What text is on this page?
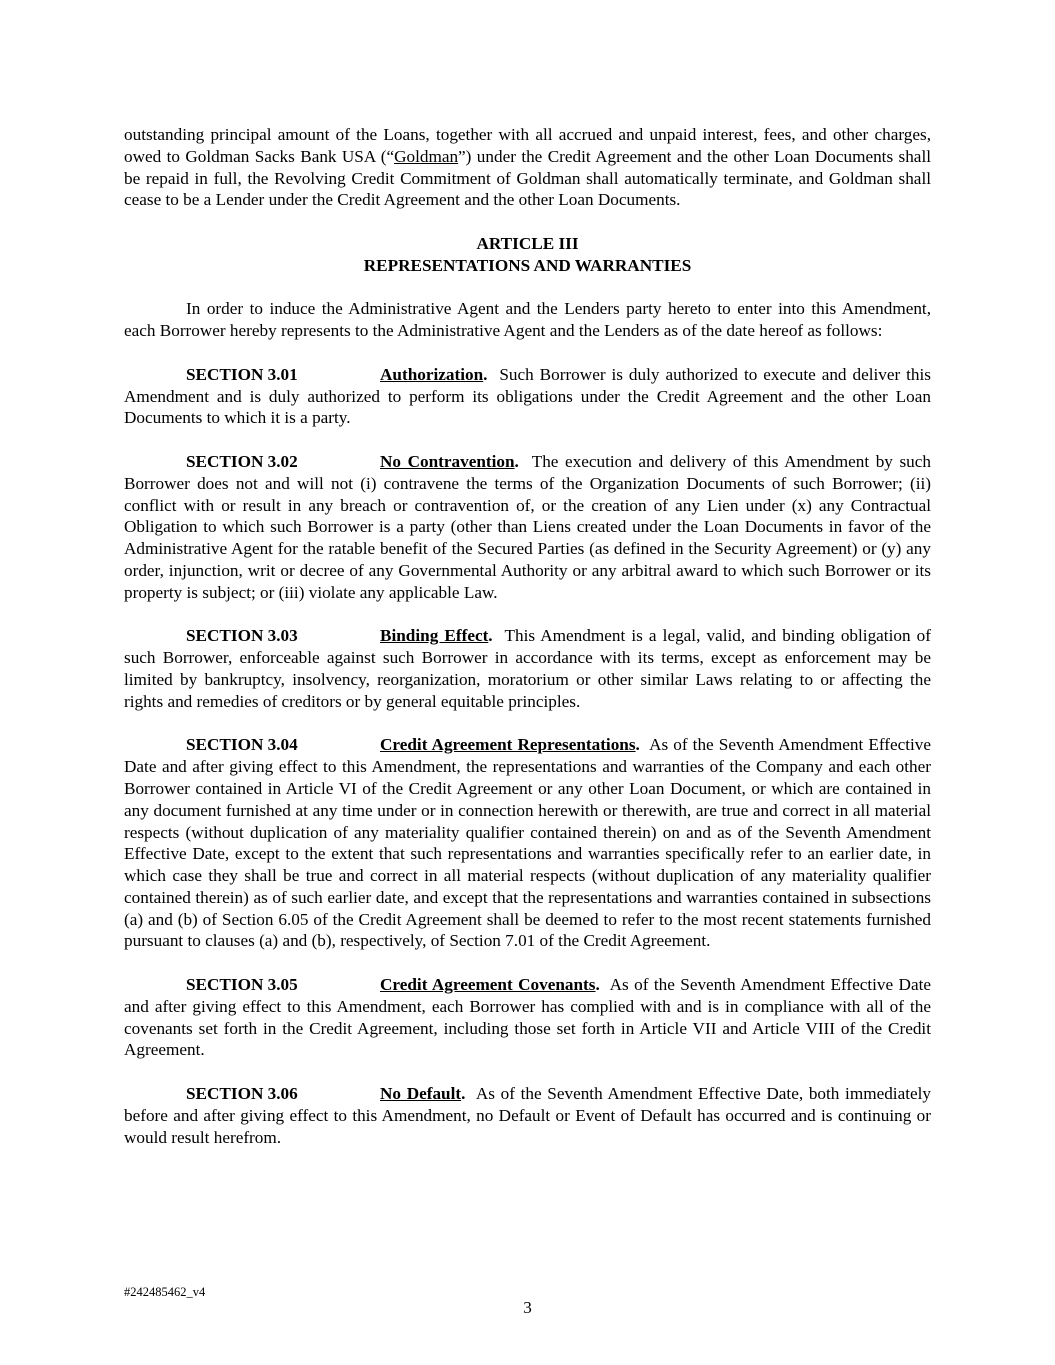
outstanding principal amount of the Loans, together with all accrued and unpaid interest, fees, and other charges, owed to Goldman Sacks Bank USA (“Goldman”) under the Credit Agreement and the other Loan Documents shall be repaid in full, the Revolving Credit Commitment of Goldman shall automatically terminate, and Goldman shall cease to be a Lender under the Credit Agreement and the other Loan Documents.

ARTICLE III

REPRESENTATIONS AND WARRANTIES

In order to induce the Administrative Agent and the Lenders party hereto to enter into this Amendment, each Borrower hereby represents to the Administrative Agent and the Lenders as of the date hereof as follows:

SECTION 3.01	Authorization. Such Borrower is duly authorized to execute and deliver this Amendment and is duly authorized to perform its obligations under the Credit Agreement and the other Loan Documents to which it is a party.

SECTION 3.02	No Contravention. The execution and delivery of this Amendment by such Borrower does not and will not (i) contravene the terms of the Organization Documents of such Borrower; (ii) conflict with or result in any breach or contravention of, or the creation of any Lien under (x) any Contractual Obligation to which such Borrower is a party (other than Liens created under the Loan Documents in favor of the Administrative Agent for the ratable benefit of the Secured Parties (as defined in the Security Agreement) or (y) any order, injunction, writ or decree of any Governmental Authority or any arbitral award to which such Borrower or its property is subject; or (iii) violate any applicable Law.

SECTION 3.03	Binding Effect. This Amendment is a legal, valid, and binding obligation of such Borrower, enforceable against such Borrower in accordance with its terms, except as enforcement may be limited by bankruptcy, insolvency, reorganization, moratorium or other similar Laws relating to or affecting the rights and remedies of creditors or by general equitable principles.

SECTION 3.04	Credit Agreement Representations. As of the Seventh Amendment Effective Date and after giving effect to this Amendment, the representations and warranties of the Company and each other Borrower contained in Article VI of the Credit Agreement or any other Loan Document, or which are contained in any document furnished at any time under or in connection herewith or therewith, are true and correct in all material respects (without duplication of any materiality qualifier contained therein) on and as of the Seventh Amendment Effective Date, except to the extent that such representations and warranties specifically refer to an earlier date, in which case they shall be true and correct in all material respects (without duplication of any materiality qualifier contained therein) as of such earlier date, and except that the representations and warranties contained in subsections (a) and (b) of Section 6.05 of the Credit Agreement shall be deemed to refer to the most recent statements furnished pursuant to clauses (a) and (b), respectively, of Section 7.01 of the Credit Agreement.

SECTION 3.05	Credit Agreement Covenants. As of the Seventh Amendment Effective Date and after giving effect to this Amendment, each Borrower has complied with and is in compliance with all of the covenants set forth in the Credit Agreement, including those set forth in Article VII and Article VIII of the Credit Agreement.

SECTION 3.06	No Default. As of the Seventh Amendment Effective Date, both immediately before and after giving effect to this Amendment, no Default or Event of Default has occurred and is continuing or would result herefrom.

#242485462_v4
3
